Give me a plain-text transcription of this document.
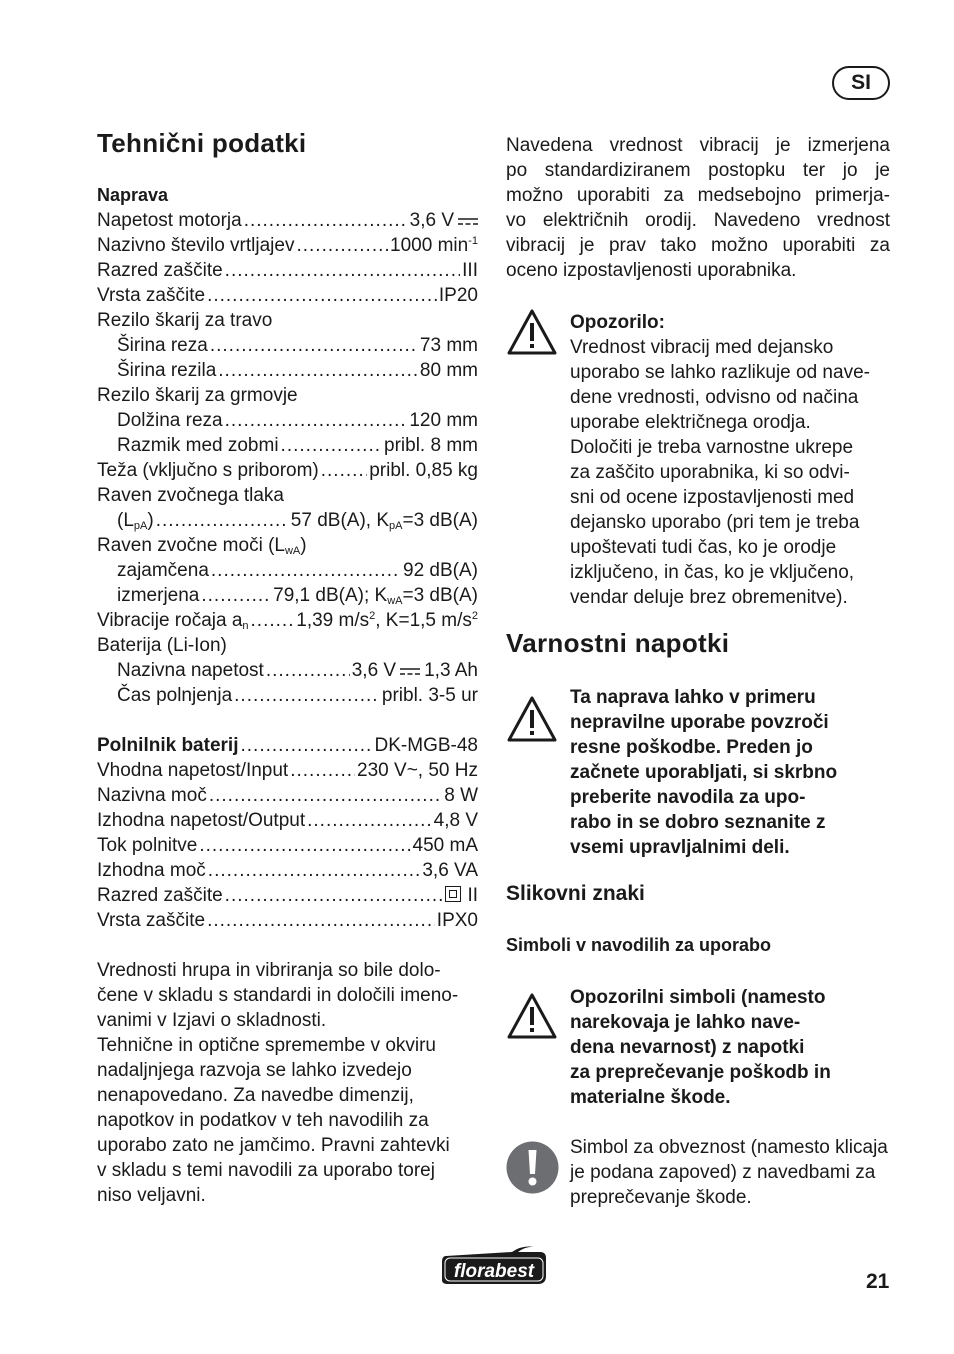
SI
Tehnični podatki
Naprava
Napetost motorja .....	3,6 V
Nazivno število vrtljajev .....	1000 $\min^{-1}$
Razred zaščite .....	III
Vrsta zaščite .....	IP20
Rezilo škarij za travo
Širina reza .....	73 mm
Širina rezila .....	80 mm
Rezilo škarij za grmovje
Dolžina reza .....	120 mm
Razmik med zobmi .....	pribl. 8 mm
Teža (vključno s priborom) .....	pribl. 0,85 kg
Raven zvočnega tlaka
$(L_{pA})$ .....	57 dB(A), $K_{pA}=3$ dB(A)
Raven zvočne moči $(L_{wA})$
zajamčena .....	92 dB(A)
izmerjena .....	79,1 dB(A); $K_{wA}=3$ dB(A)
Vibracije ročaja $a_n$ .....	1,39 $m/s^2$, K=1,5 $m/s^2$
Baterija (Li-Ion)
Nazivna napetost .....	3,6 V 1,3 Ah
Čas polnjenja .....	pribl. 3-5 ur
Polnilnik baterij .....	DK-MGB-48
Vhodna napetost/Input .....	230 V~, 50 Hz
Nazivna moč .....	8 W
Izhodna napetost/Output .....	4,8 V
Tok polnitve .....	450 mA
Izhodna moč .....	3,6 VA
Razred zaščite .....	II
Vrsta zaščite .....	IPX0
Vrednosti hrupa in vibriranja so bile dolo-
čene v skladu s standardi in določili imeno-
vanimi v Izjavi o skladnosti.
Tehnične in optične spremembe v okviru
nadaljnjega razvoja se lahko izvedejo
nenapovedano. Za navedbe dimenzij,
napotkov in podatkov v teh navodilih za
uporabo zato ne jamčimo. Pravni zahtevki
v skladu s temi navodili za uporabo torej
niso veljavni.
Navedena vrednost vibracij je izmerjena
po standardiziranem postopku ter jo je
možno uporabiti za medsebojno primerja-
vo električnih orodij. Navedeno vrednost
vibracij je prav tako možno uporabiti za
oceno izpostavljenosti uporabnika.
Opozorilo:
Vrednost vibracij med dejansko
uporabo se lahko razlikuje od nave-
dene vrednosti, odvisno od načina
uporabe električnega orodja.
Določiti je treba varnostne ukrepe
za zaščito uporabnika, ki so odvi-
sni od ocene izpostavljenosti med
dejansko uporabo (pri tem je treba
upoštevati tudi čas, ko je orodje
izključeno, in čas, ko je vključeno,
vendar deluje brez obremenitve).
Varnostni napotki
Ta naprava lahko v primeru
nepravilne uporabe povzroči
resne poškodbe. Preden jo
začnete uporabljati, si skrbno
preberite navodila za upo-
rabo in se dobro seznanite z
vsemi upravljalnimi deli.
Slikovni znaki
Simboli v navodilih za uporabo
Opozorilni simboli (namesto
narekovaja je lahko nave-
dena nevarnost) z napotki
za preprečevanje poškodb in
materialne škode.
Simbol za obveznost (namesto klicaja
je podana zapoved) z navedbami za
preprečevanje škode.
florabest	21
